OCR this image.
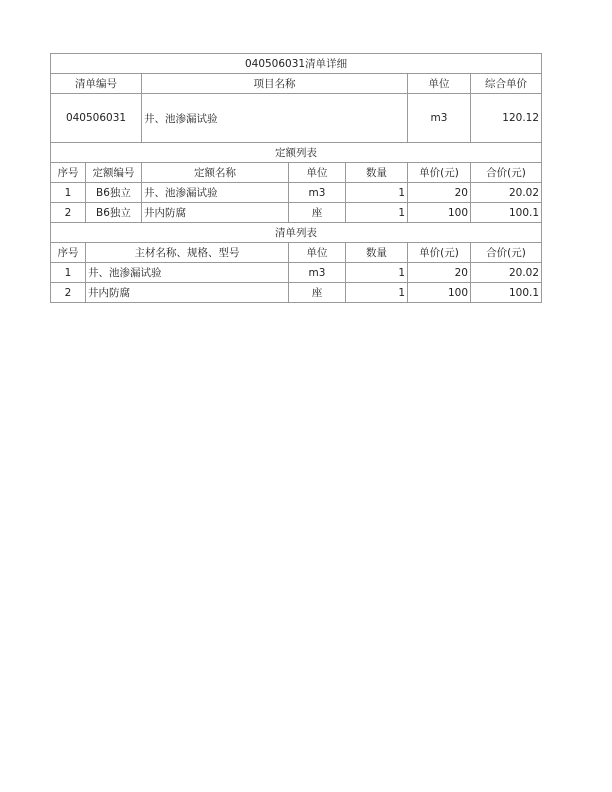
040506031清单详细						
清单编号		项目名称			单位	综合单价
040506031		井、池渗漏试验			m3	120.12
定额列表						
序号	定额编号	定额名称	单位	数量	单价(元)	合价(元)
1	B6独立	井、池渗漏试验	m3	1	20	20.02
2	B6独立	井内防腐	座	1	100	100.1
清单列表						
序号	主材名称、规格、型号		单位	数量	单价(元)	合价(元)
1	井、池渗漏试验		m3	1	20	20.02
2	井内防腐		座	1	100	100.1
